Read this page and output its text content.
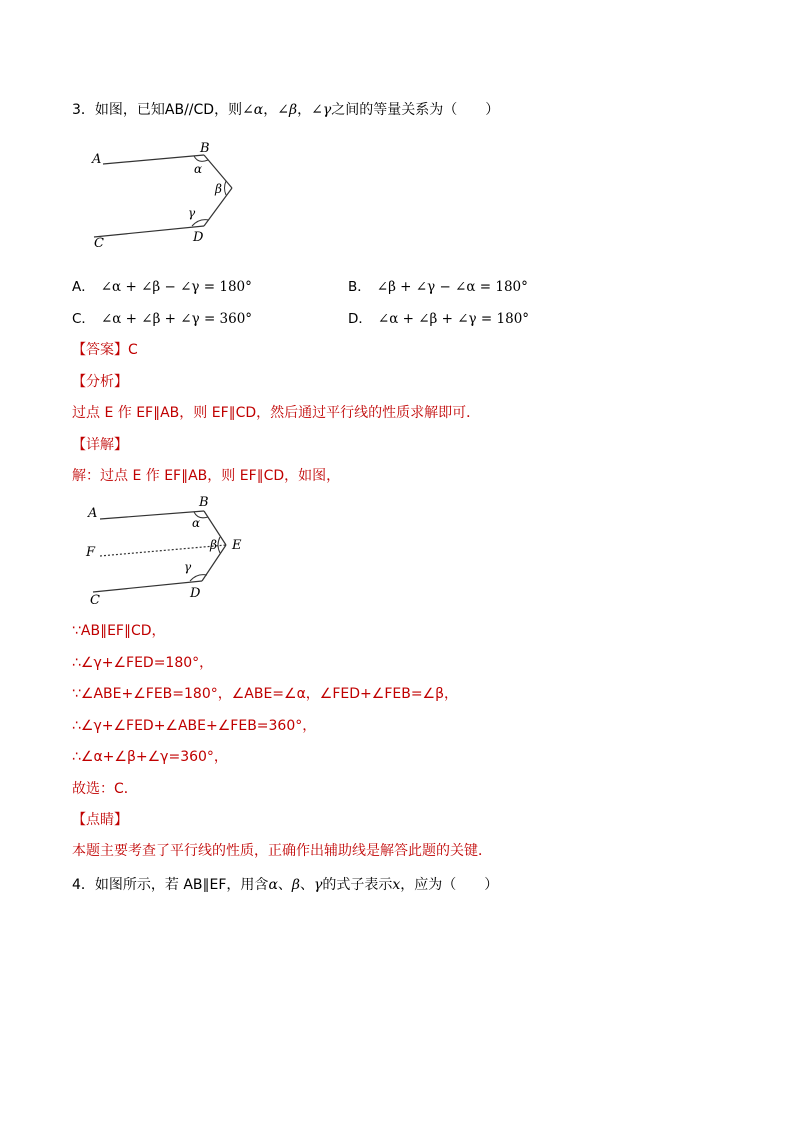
3．如图，已知AB//CD，则∠α，∠β，∠γ之间的等量关系为（　　）
A
B
α
β
γ
D
C
A． ∠α + ∠β − ∠γ = 180°	B． ∠β + ∠γ − ∠α = 180°
C． ∠α + ∠β + ∠γ = 360°	D． ∠α + ∠β + ∠γ = 180°
【答案】C
【分析】
过点 E 作 EF∥AB，则 EF∥CD，然后通过平行线的性质求解即可．
【详解】
解：过点 E 作 EF∥AB，则 EF∥CD，如图，
A
B
α
F	β E
γ
D
C
∵AB∥EF∥CD，
∴∠γ+∠FED=180°，
∵∠ABE+∠FEB=180°，∠ABE=∠α，∠FED+∠FEB=∠β，
∴∠γ+∠FED+∠ABE+∠FEB=360°，
∴∠α+∠β+∠γ=360°，
故选：C．
【点睛】
本题主要考查了平行线的性质，正确作出辅助线是解答此题的关键．
4．如图所示，若 AB∥EF，用含α、β、γ的式子表示x，应为（　　）
